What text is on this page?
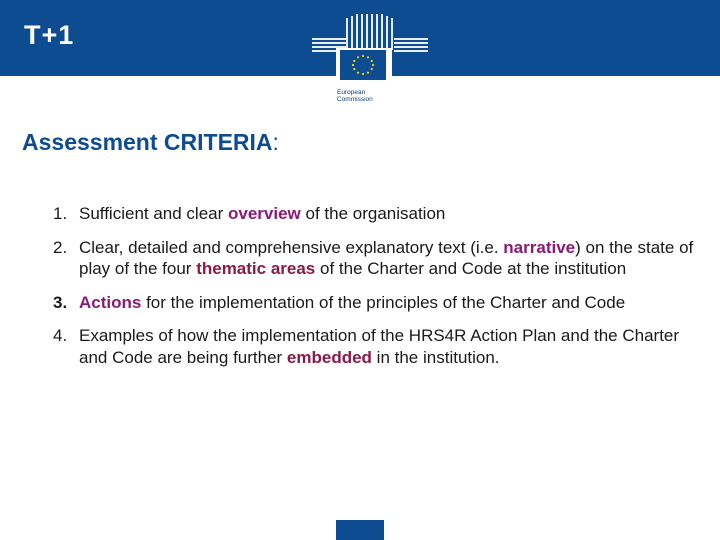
T+1
European
Commission
Assessment CRITERIA:
1. Sufficient and clear overview of the organisation
2. Clear, detailed and comprehensive explanatory text (i.e. narrative) on the state of play of the four thematic areas of the Charter and Code at the institution
3. Actions for the implementation of the principles of the Charter and Code
4. Examples of how the implementation of the HRS4R Action Plan and the Charter and Code are being further embedded in the institution.
